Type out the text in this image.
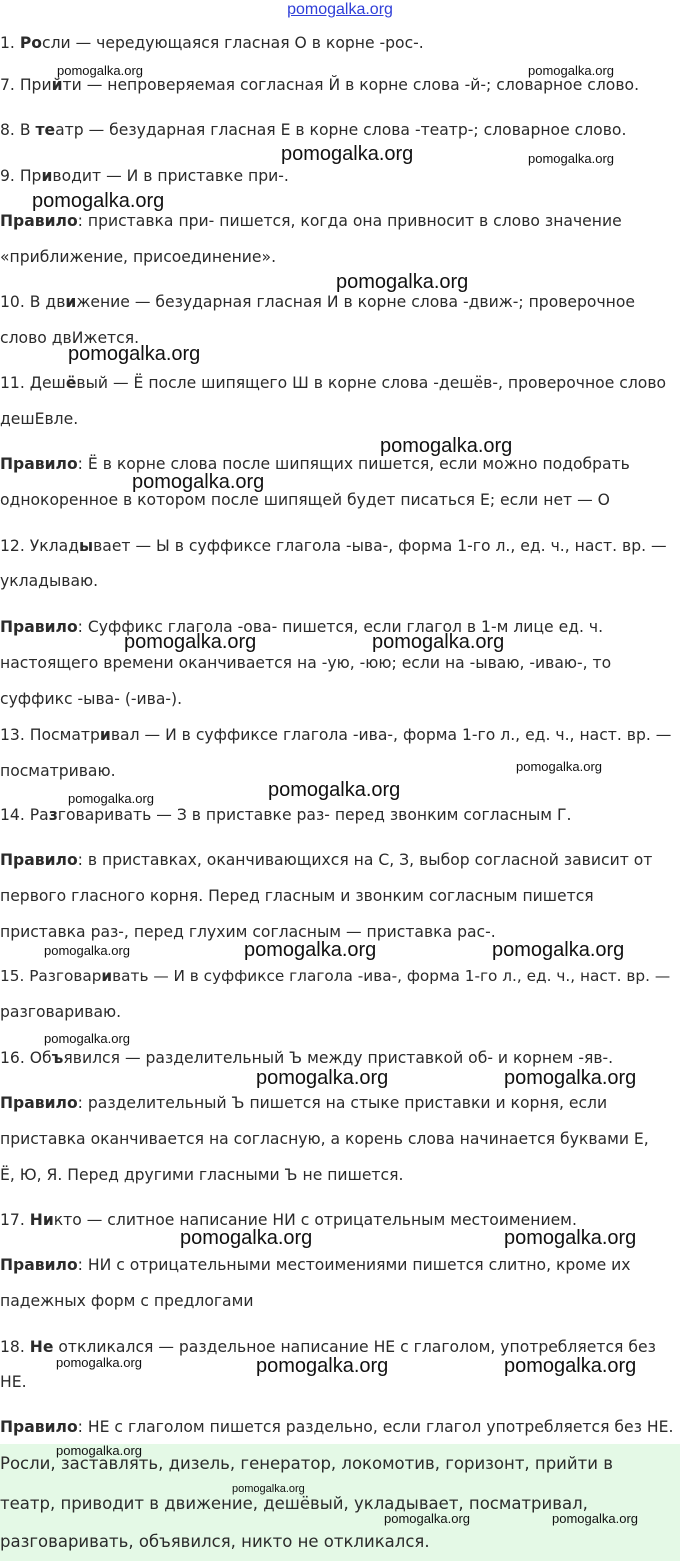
pomogalka.org
1. Росли — чередующаяся гласная О в корне -рос-.
7. Прийти — непроверяемая согласная Й в корне слова -й-; словарное слово.
8. В театр — безударная гласная Е в корне слова -театр-; словарное слово.
9. Приводит — И в приставке при-.
Правило: приставка при- пишется, когда она привносит в слово значение
«приближение, присоединение».
10. В движение — безударная гласная И в корне слова -движ-; проверочное
слово двИжется.
11. Дешёвый — Ё после шипящего Ш в корне слова -дешёв-, проверочное слово
дешЕвле.
Правило: Ё в корне слова после шипящих пишется, если можно подобрать
однокоренное в котором после шипящей будет писаться Е; если нет — О
12. Укладывает — Ы в суффиксе глагола -ыва-, форма 1-го л., ед. ч., наст. вр. —
укладываю.
Правило: Суффикс глагола -ова- пишется, если глагол в 1-м лице ед. ч.
настоящего времени оканчивается на -ую, -юю; если на -ываю, -иваю-, то
суффикс -ыва- (-ива-).
13. Посматривал — И в суффиксе глагола -ива-, форма 1-го л., ед. ч., наст. вр. —
посматриваю.
14. Разговаривать — З в приставке раз- перед звонким согласным Г.
Правило: в приставках, оканчивающихся на С, З, выбор согласной зависит от
первого гласного корня. Перед гласным и звонким согласным пишется
приставка раз-, перед глухим согласным — приставка рас-.
15. Разговаривать — И в суффиксе глагола -ива-, форма 1-го л., ед. ч., наст. вр. —
разговариваю.
16. Объявился — разделительный Ъ между приставкой об- и корнем -яв-.
Правило: разделительный Ъ пишется на стыке приставки и корня, если
приставка оканчивается на согласную, а корень слова начинается буквами Е,
Ё, Ю, Я. Перед другими гласными Ъ не пишется.
17. Никто — слитное написание НИ с отрицательным местоимением.
Правило: НИ с отрицательными местоимениями пишется слитно, кроме их
падежных форм с предлогами
18. Не откликался — раздельное написание НЕ с глаголом, употребляется без
НЕ.
Правило: НЕ с глаголом пишется раздельно, если глагол употребляется без НЕ.
Росли, заставлять, дизель, генератор, локомотив, горизонт, прийти в
театр, приводит в движение, дешёвый, укладывает, посматривал,
разговаривать, объявился, никто не откликался.
pomogalka.org	pomogalka.org
pomogalka.org	pomogalka.org
pomogalka.org
pomogalka.org
pomogalka.org
pomogalka.org
pomogalka.org
pomogalka.org	pomogalka.org
pomogalka.org
pomogalka.org
pomogalka.org
pomogalka.org
pomogalka.org	pomogalka.org
pomogalka.org
pomogalka.org	pomogalka.org
pomogalka.org	pomogalka.org
pomogalka.org	pomogalka.org	pomogalka.org
pomogalka.org
pomogalka.org
pomogalka.org	pomogalka.org
